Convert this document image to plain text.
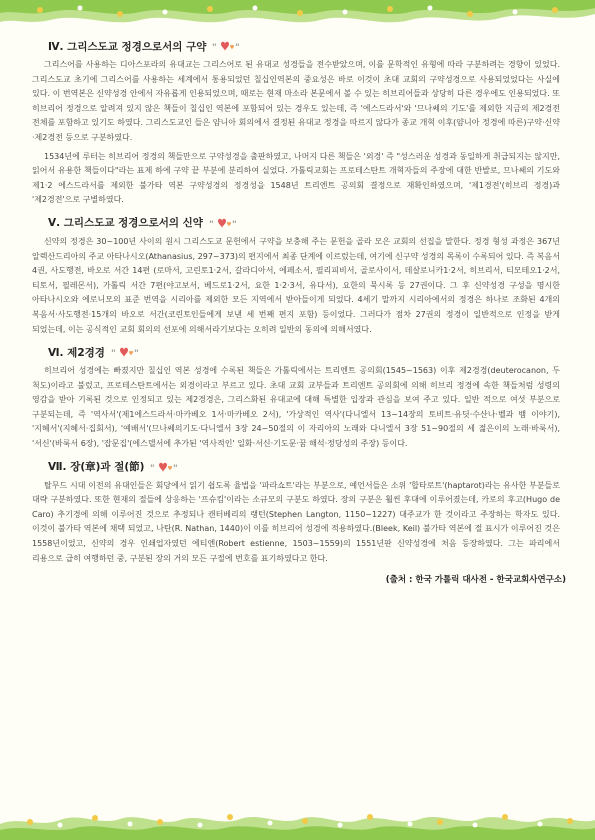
Ⅳ. 그리스도교 정경으로서의 구약 " "

그리스어를 사용하는 디아스포라의 유대교는 그리스어로 된 유대교 성경들을 전수받았으며, 이를 문학적인 유형에 따라 구분하려는 경향이 있었다. 그리스도교 초기에 그리스어를 사용하는 세계에서 통용되었던 칠십인역본의 중요성은 바로 이것이 초대 교회의 구약성경으로 사용되었었다는 사실에 있다. 이 번역본은 신약성경 안에서 자유롭게 인용되었으며, 때로는 현재 마소라 본문에서 볼 수 있는 히브리어들과 상당히 다른 경우에도 인용되었다. 또 히브리어 정경으로 알려져 있지 않은 책들이 칠십인 역본에 포함되어 있는 경우도 있는데, 즉 '에스드라서'와 '므나쎄의 기도'를 제외한 지금의 제2경전 전체를 포함하고 있기도 하였다. 그리스도교인 들은 얌니아 회의에서 결정된 유대교 정경을 따르지 않다가 종교 개혁 이후(얌니아 정경에 따른)구약·신약·제2경전 등으로 구분하였다.

1534년에 루터는 히브리어 정경의 책들만으로 구약성경을 출판하였고, 나머지 다른 책들은 '외경' 즉 "성스러운 성경과 동일하게 취급되지는 않지만, 읽어서 유용한 책들이다"라는 표제 하에 구약 끝 부분에 분리하여 실었다. 가톨릭교회는 프로테스탄트 개혁자들의 주장에 대한 반발로, 므나쎄의 기도와 제1·2 에스드라서를 제외한 불가타 역본 구약성경의 정경성을 1548년 트리엔트 공의회 결정으로 재확인하였으며, '제1경전'(히브리 정경)과 '제2경전'으로 구별하였다.

Ⅴ. 그리스도교 정경으로서의 신약 " "

신약의 정경은 30~100년 사이의 원시 그리스도교 문헌에서 구약을 보충해 주는 문헌을 골라 모은 교회의 선집을 말한다. 정경 형성 과정은 367년 알렉산드리아의 주교 아타나시오(Athanasius, 297~373)의 편지에서 최종 단계에 이르렀는데, 여기에 신구약 성경의 목록이 수록되어 있다. 즉 복음서 4권, 사도행전, 바오로 서간 14편 (로마서, 고린토1·2서, 갈라디아서, 에페소서, 필리피비서, 골로사이서, 데살로니카1·2서, 히브리서, 티모테오1·2서, 티토서, 필레몬서), 가톨릭 서간 7편(야고보서, 베드로1·2서, 요한 1·2·3서, 유다서), 요한의 묵시록 등 27권이다. 그 후 신약성경 구성을 명시한 아타나시오와 에로니모의 표준 번역을 시리아를 제외한 모든 지역에서 받아들이게 되었다. 4세기 말까지 시리아에서의 정경은 하나로 조화된 4개의 복음서·사도행전·15개의 바오로 서간(코린토인들에게 보낸 세 번째 편지 포함) 등이었다. 그러다가 점차 27권의 정경이 일반적으로 인정을 받게 되었는데, 이는 공식적인 교회 회의의 선포에 의해서라기보다는 오히려 일반의 동의에 의해서였다.

Ⅵ. 제2경경 " "

히브리어 성경에는 빠졌지만 칠십인 역본 성경에 수록된 책들은 가톨릭에서는 트리엔트 공의회(1545~1563) 이후 제2경경(deuterocanon, 두 척도)이라고 불렀고, 프로테스탄트에서는 외경이라고 부르고 있다. 초대 교회 교부들과 트리엔트 공의회에 의해 히브리 정경에 속한 책들처럼 성령의 영감을 받아 기록된 것으로 인정되고 있는 제2경경은, 그리스화된 유대교에 대해 특별한 입장과 관심을 보여 주고 있다. 일반 적으로 여섯 부분으로 구분되는데, 즉 '역사서'(제1에스드라서·마카베오 1서·마카베오 2서), '가상적인 역사'(다니엘서 13~14장의 토비트·유딧·수산나·벨과 뱀 이야기), '지혜서'(지혜서·집회서), '예배서'(므나쎄의기도·다니엘서 3장 24~50절의 이 자리아의 노래와 다니엘서 3장 51~90절의 세 젊은이의 노래·바룩서), '서신'(바룩서 6장), '잡문집'(에스델서에 추가된 '역사적인' 일화·서신·기도문·꿈 해석·정당성의 주장) 등이다.

Ⅶ. 장(章)과 절(節) " "

탈무드 시대 이전의 유대인들은 회당에서 읽기 쉽도록 율법을 '파라쇼트'라는 부분으로, 예언서들은 소위 '합타로트'(haptarot)라는 유사한 부분들로 대략 구분하였다. 또한 현재의 절들에 상응하는 '프슈킴'이라는 소규모의 구분도 하였다. 장의 구분은 훨씬 후대에 이루어졌는데, 카로의 후고(Hugo de Caro) 추기경에 의해 이루어진 것으로 추정되나 캔터베리의 랭턴(Stephen Langton, 1150~1227) 대주교가 한 것이라고 주장하는 학자도 있다. 이것이 불가타 역본에 채택 되었고, 나탄(R. Nathan, 1440)이 이를 히브리어 성경에 적용하였다.(Bleek, Keil) 불가타 역본에 절 표시가 이루어진 것은 1558년이었고, 신약의 경우 인쇄업자였던 에티엔(Robert estienne, 1503~1559)의 1551년판 신약성경에 처음 등장하였다. 그는 파리에서 리용으로 급히 여행하던 중, 구분된 장의 거의 모든 구절에 번호를 표기하였다고 한다.

(출처 : 한국 가톨릭 대사전 - 한국교회사연구소)
